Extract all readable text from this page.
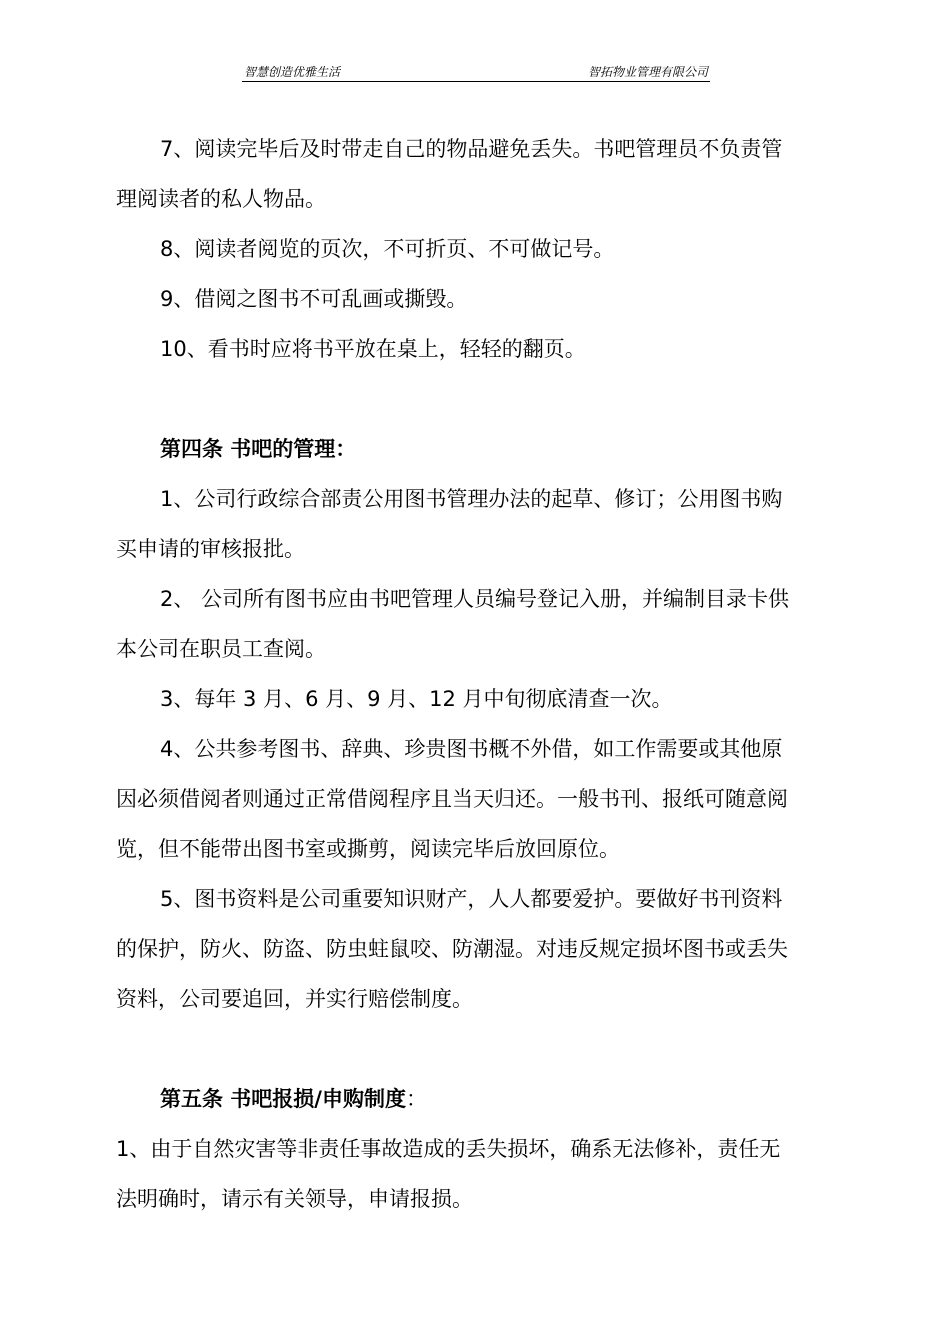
智慧创造优雅生活	智拓物业管理有限公司
7、阅读完毕后及时带走自己的物品避免丢失。书吧管理员不负责管
理阅读者的私人物品。
8、阅读者阅览的页次，不可折页、不可做记号。
9、借阅之图书不可乱画或撕毁。
10、看书时应将书平放在桌上，轻轻的翻页。
第四条 书吧的管理：
1、公司行政综合部责公用图书管理办法的起草、修订；公用图书购
买申请的审核报批。
2、 公司所有图书应由书吧管理人员编号登记入册，并编制目录卡供
本公司在职员工查阅。
3、每年 3 月、6 月、9 月、12 月中旬彻底清查一次。
4、公共参考图书、辞典、珍贵图书概不外借，如工作需要或其他原
因必须借阅者则通过正常借阅程序且当天归还。一般书刊、报纸可随意阅
览，但不能带出图书室或撕剪，阅读完毕后放回原位。
5、图书资料是公司重要知识财产，人人都要爱护。要做好书刊资料
的保护，防火、防盗、防虫蛀鼠咬、防潮湿。对违反规定损坏图书或丢失
资料，公司要追回，并实行赔偿制度。
第五条 书吧报损/申购制度：
1、由于自然灾害等非责任事故造成的丢失损坏，确系无法修补，责任无
法明确时，请示有关领导，申请报损。
